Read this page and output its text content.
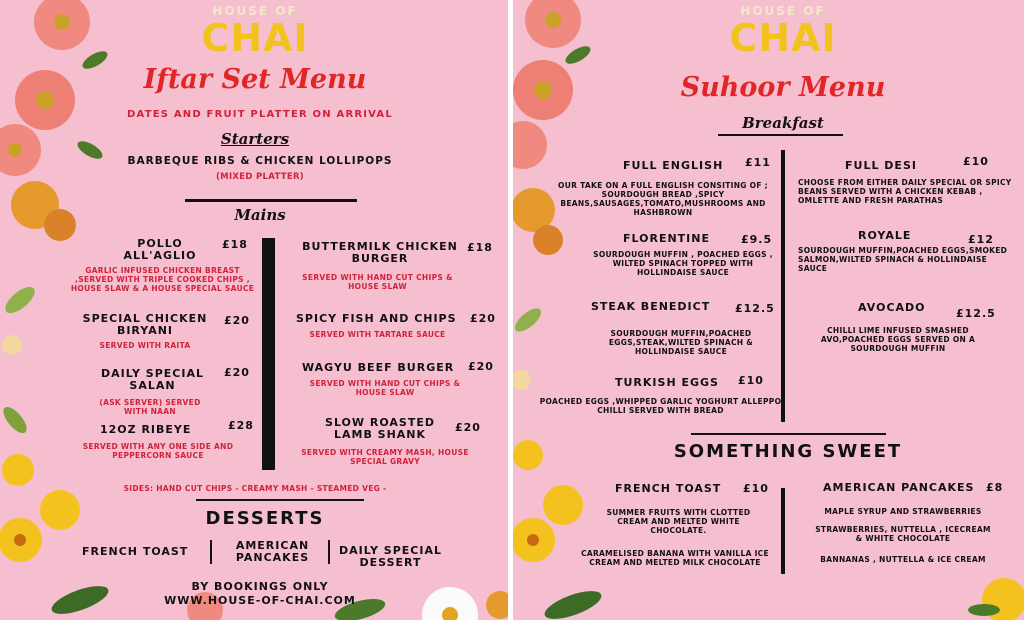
HOUSE OF
CHAI
Iftar Set Menu
DATES AND FRUIT PLATTER ON ARRIVAL
Starters
BARBEQUE RIBS & CHICKEN LOLLIPOPS
(MIXED PLATTER)
Mains
POLLO ALL'AGLIO
£18
GARLIC INFUSED CHICKEN BREAST ,SERVED WITH TRIPLE COOKED CHIPS , HOUSE SLAW & A HOUSE SPECIAL SAUCE
SPECIAL CHICKEN BIRYANI
£20
SERVED WITH RAITA
DAILY SPECIAL SALAN
£20
(ASK SERVER) SERVED WITH NAAN
12OZ RIBEYE	£28
SERVED WITH ANY ONE SIDE AND PEPPERCORN SAUCE
BUTTERMILK CHICKEN BURGER
£18
SERVED WITH HAND CUT CHIPS & HOUSE SLAW
SPICY FISH AND CHIPS £20
SERVED WITH TARTARE SAUCE
WAGYU BEEF BURGER £20
SERVED WITH HAND CUT CHIPS & HOUSE SLAW
SLOW ROASTED LAMB SHANK
£20
SERVED WITH CREAMY MASH, HOUSE SPECIAL GRAVY
SIDES: HAND CUT CHIPS - CREAMY MASH - STEAMED VEG -
DESSERTS
FRENCH TOAST	AMERICAN PANCAKES
DAILY SPECIAL DESSERT
BY BOOKINGS ONLY
WWW.HOUSE-OF-CHAI.COM
HOUSE OF
CHAI
Suhoor Menu
Breakfast
FULL ENGLISH £11
OUR TAKE ON A FULL ENGLISH CONSITING OF ; SOURDOUGH BREAD ,SPICY BEANS,SAUSAGES,TOMATO,MUSHROOMS AND HASHBROWN
FLORENTINE	£9.5
SOURDOUGH MUFFIN , POACHED EGGS , WILTED SPINACH TOPPED WITH HOLLINDAISE SAUCE
STEAK BENEDICT £12.5
SOURDOUGH MUFFIN,POACHED EGGS,STEAK,WILTED SPINACH & HOLLINDAISE SAUCE
TURKISH EGGS £10
POACHED EGGS ,WHIPPED GARLIC YOGHURT ALLEPPO CHILLI SERVED WITH BREAD
FULL DESI	£10
CHOOSE FROM EITHER DAILY SPECIAL OR SPICY BEANS SERVED WITH A CHICKEN KEBAB , OMLETTE AND FRESH PARATHAS
ROYALE	£12
SOURDOUGH MUFFIN,POACHED EGGS,SMOKED SALMON,WILTED SPINACH & HOLLINDAISE SAUCE
AVOCADO	£12.5
CHILLI LIME INFUSED SMASHED AVO,POACHED EGGS SERVED ON A SOURDOUGH MUFFIN
SOMETHING SWEET
FRENCH TOAST £10
SUMMER FRUITS WITH CLOTTED CREAM AND MELTED WHITE CHOCOLATE.
CARAMELISED BANANA WITH VANILLA ICE CREAM AND MELTED MILK CHOCOLATE
AMERICAN PANCAKES £8
MAPLE SYRUP AND STRAWBERRIES
STRAWBERRIES, NUTTELLA , ICECREAM & WHITE CHOCOLATE
BANNANAS , NUTTELLA & ICE CREAM
